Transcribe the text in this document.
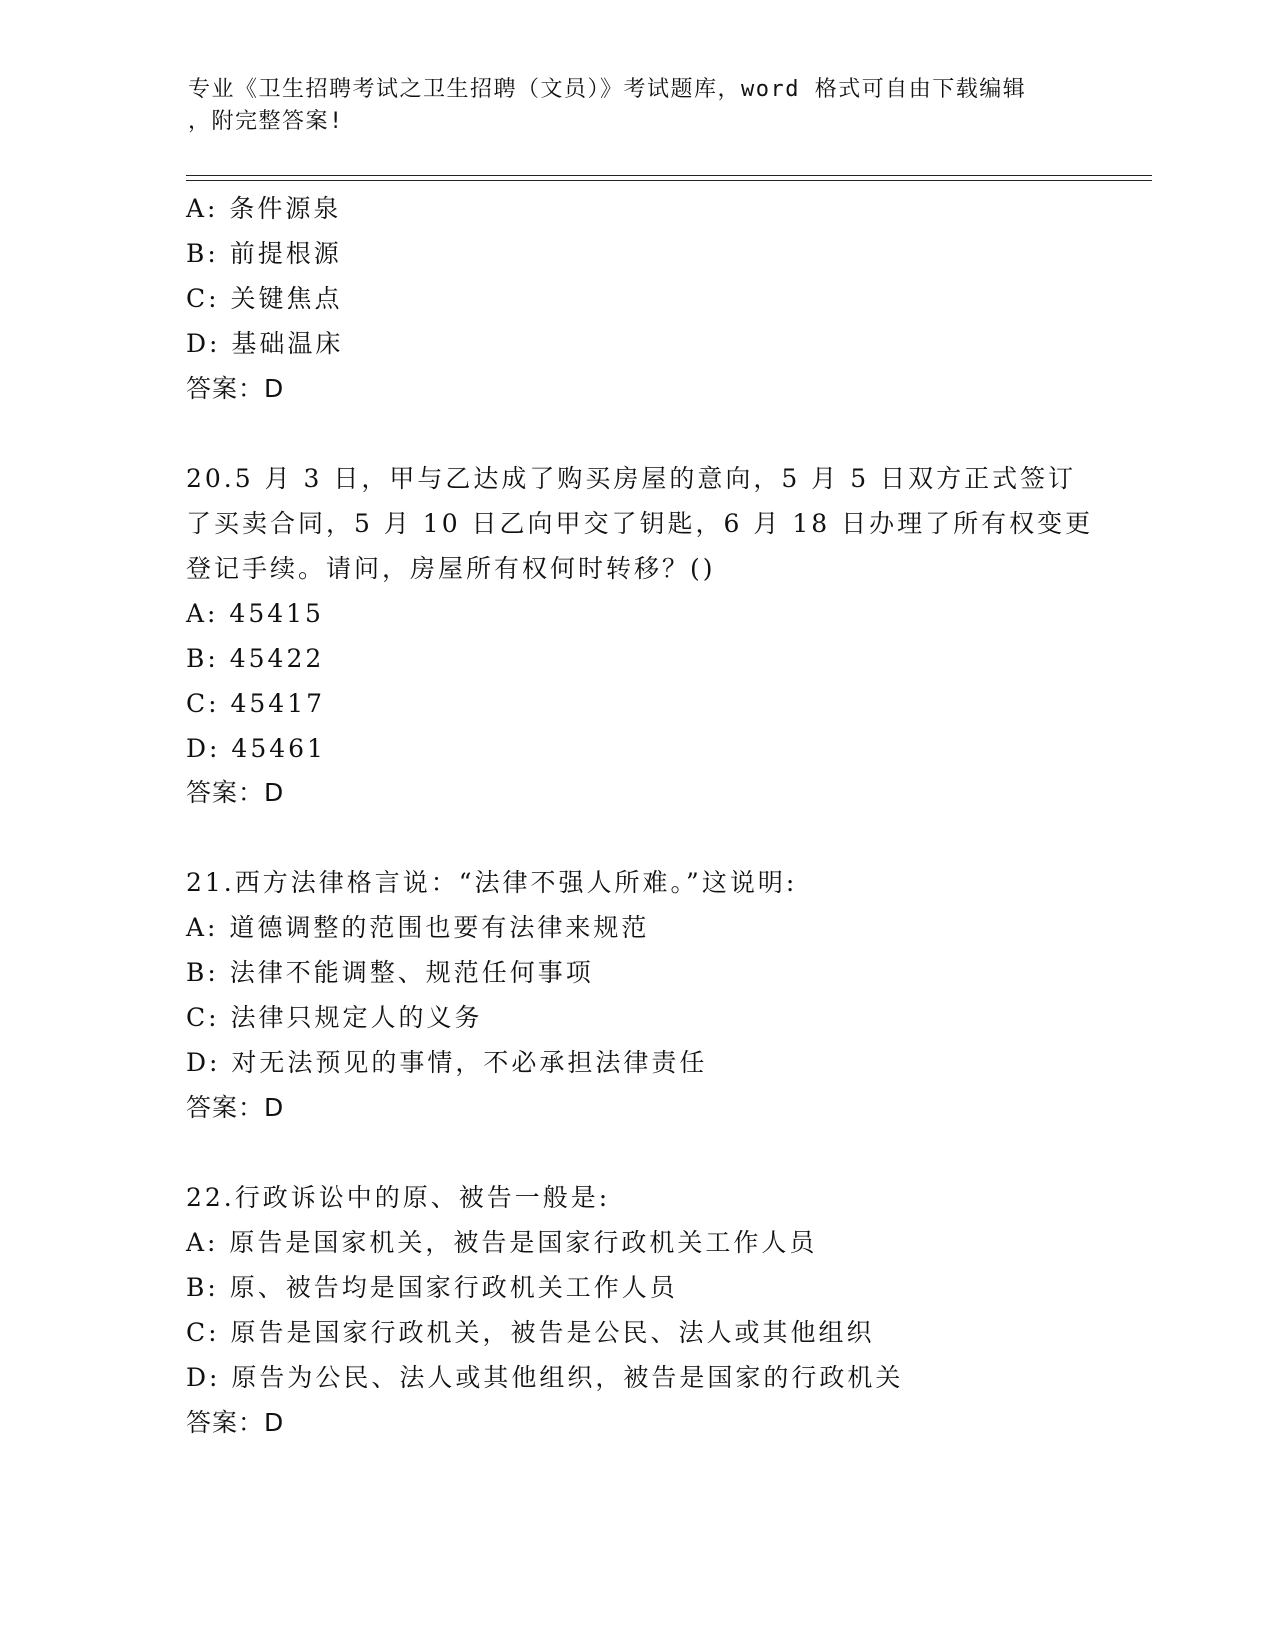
专业《卫生招聘考试之卫生招聘（文员）》考试题库，word 格式可自由下载编辑
，附完整答案!
A: 条件源泉
B: 前提根源
C: 关键焦点
D: 基础温床
答案：D
20.5 月 3 日，甲与乙达成了购买房屋的意向，5 月 5 日双方正式签订
了买卖合同，5 月 10 日乙向甲交了钥匙，6 月 18 日办理了所有权变更
登记手续。请问，房屋所有权何时转移？()
A: 45415
B: 45422
C: 45417
D: 45461
答案：D
21.西方法律格言说：“法律不强人所难。”这说明:
A: 道德调整的范围也要有法律来规范
B: 法律不能调整、规范任何事项
C: 法律只规定人的义务
D: 对无法预见的事情，不必承担法律责任
答案：D
22.行政诉讼中的原、被告一般是:
A: 原告是国家机关，被告是国家行政机关工作人员
B: 原、被告均是国家行政机关工作人员
C: 原告是国家行政机关，被告是公民、法人或其他组织
D: 原告为公民、法人或其他组织，被告是国家的行政机关
答案：D
